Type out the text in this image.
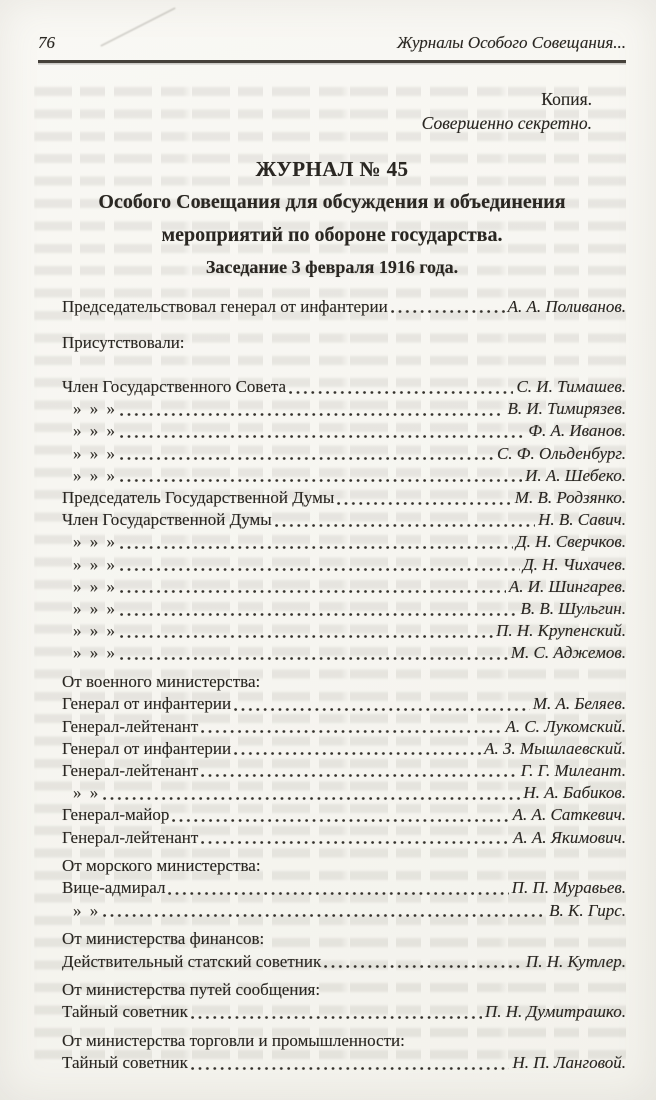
76	Журналы Особого Совещания...
Копия.
Совершенно секретно.
ЖУРНАЛ № 45
Особого Совещания для обсуждения и объединения
мероприятий по обороне государства.
Заседание 3 февраля 1916 года.
Председательствовал генерал от инфантерии	А. А. Поливанов.
Присутствовали:
Член Государственного Совета	С. И. Тимашев.
» » »	В. И. Тимирязев.
» » »	Ф. А. Иванов.
» » »	С. Ф. Ольденбург.
» » »	И. А. Шебеко.
Председатель Государственной Думы	М. В. Родзянко.
Член Государственной Думы	Н. В. Савич.
» » »	Д. Н. Сверчков.
» » »	Д. Н. Чихачев.
» » »	А. И. Шингарев.
» » »	В. В. Шульгин.
» » »	П. Н. Крупенский.
» » »	М. С. Аджемов.
От военного министерства:
Генерал от инфантерии	М. А. Беляев.
Генерал-лейтенант	А. С. Лукомский.
Генерал от инфантерии	А. З. Мышлаевский.
Генерал-лейтенант	Г. Г. Милеант.
» »	Н. А. Бабиков.
Генерал-майор	А. А. Саткевич.
Генерал-лейтенант	А. А. Якимович.
От морского министерства:
Вице-адмирал	П. П. Муравьев.
» »	В. К. Гирс.
От министерства финансов:
Действительный статский советник	П. Н. Кутлер.
От министерства путей сообщения:
Тайный советник	П. Н. Думитрашко.
От министерства торговли и промышленности:
Тайный советник	Н. П. Ланговой.
